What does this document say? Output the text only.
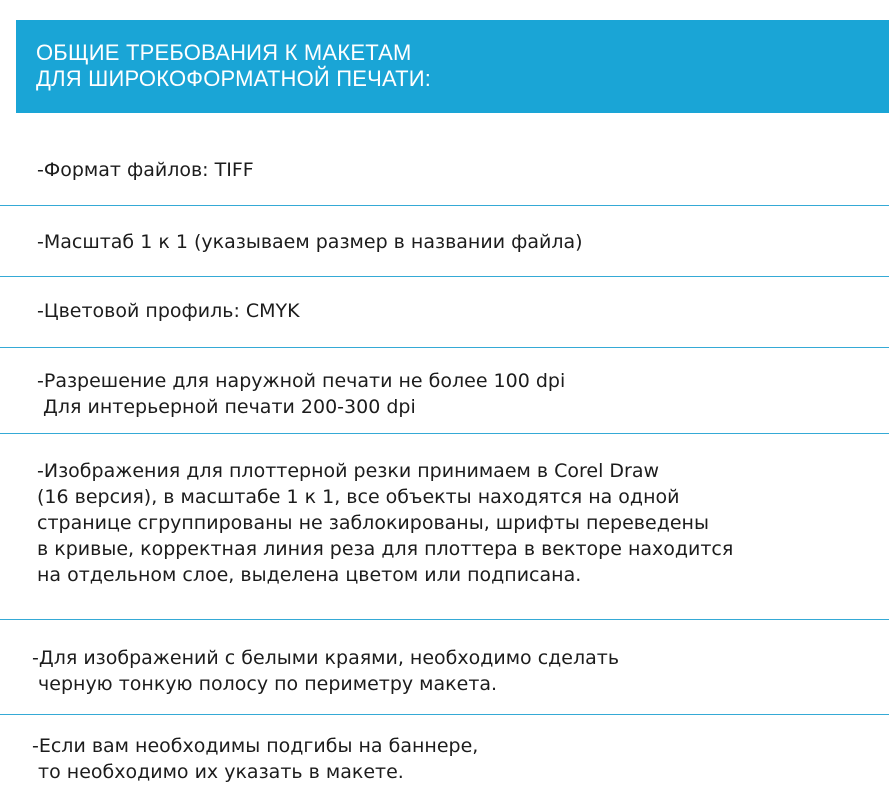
ОБЩИЕ ТРЕБОВАНИЯ К МАКЕТАМ
ДЛЯ ШИРОКОФОРМАТНОЙ ПЕЧАТИ:
-Формат файлов: TIFF
-Масштаб 1 к 1 (указываем размер в названии файла)
-Цветовой профиль: CMYK
-Разрешение для наружной печати не более 100 dpi
Для интерьерной печати 200-300 dpi
-Изображения для плоттерной резки принимаем в Corel Draw
(16 версия), в масштабе 1 к 1, все объекты находятся на одной
странице сгруппированы не заблокированы, шрифты переведены
в кривые, корректная линия реза для плоттера в векторе находится
на отдельном слое, выделена цветом или подписана.
-Для изображений с белыми краями, необходимо сделать
черную тонкую полосу по периметру макета.
-Если вам необходимы подгибы на баннере,
то необходимо их указать в макете.
